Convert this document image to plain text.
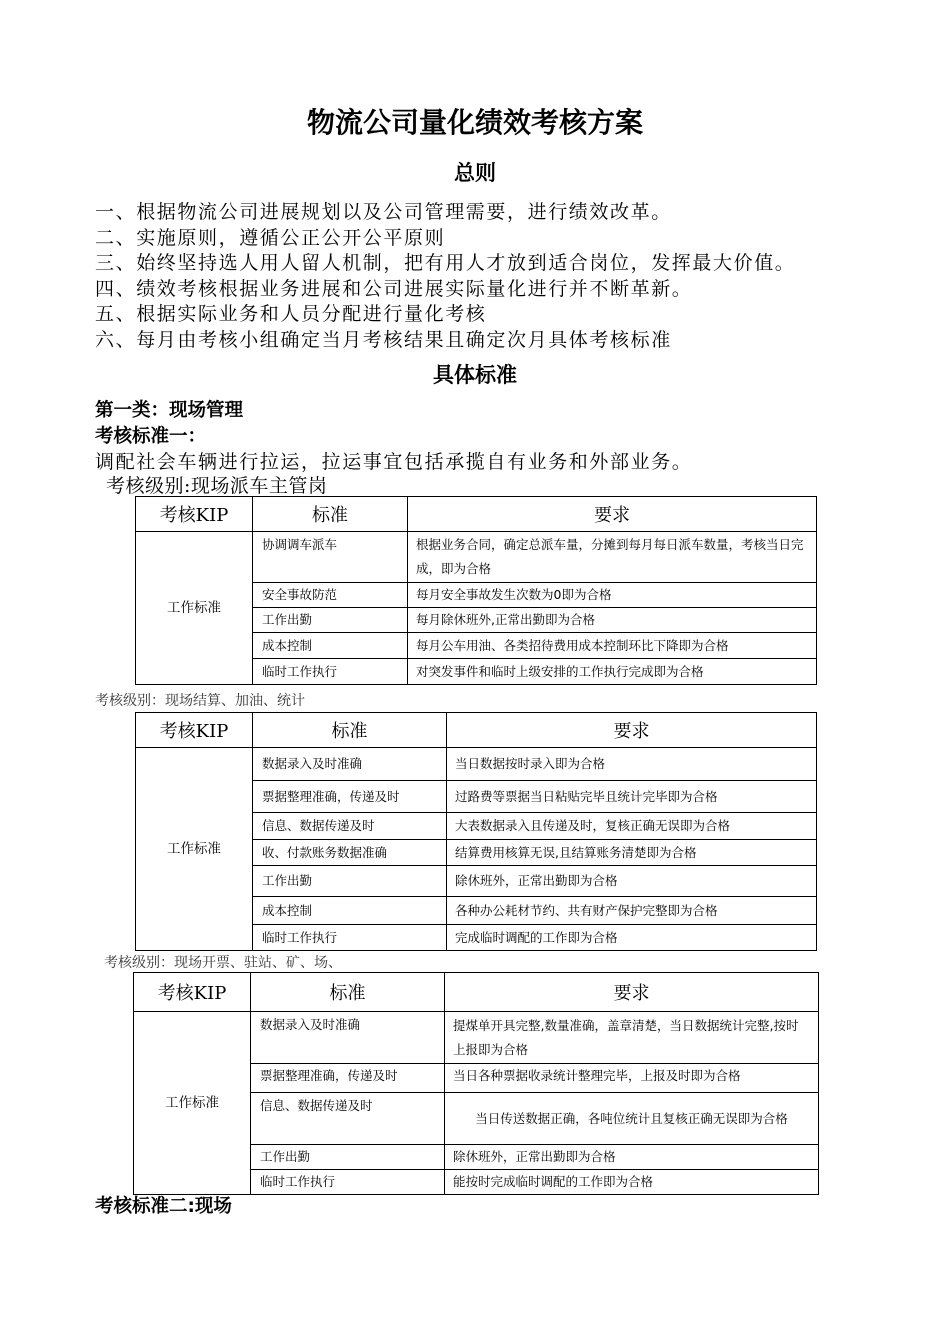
物流公司量化绩效考核方案
总则
一、根据物流公司进展规划以及公司管理需要，进行绩效改革。
二、实施原则，遵循公正公开公平原则
三、始终坚持选人用人留人机制，把有用人才放到适合岗位，发挥最大价值。
四、绩效考核根据业务进展和公司进展实际量化进行并不断革新。
五、根据实际业务和人员分配进行量化考核
六、每月由考核小组确定当月考核结果且确定次月具体考核标准
具体标准

第一类：现场管理

考核标准一：

调配社会车辆进行拉运，拉运事宜包括承揽自有业务和外部业务。

考核级别:现场派车主管岗

考核KIP	标准	要求
工作标准	协调调车派车	根据业务合同，确定总派车量，分摊到每月每日派车数量，考核当日完成，即为合格
	安全事故防范	每月安全事故发生次数为0即为合格
	工作出勤	每月除休班外,正常出勤即为合格
	成本控制	每月公车用油、各类招待费用成本控制环比下降即为合格
	临时工作执行	对突发事件和临时上级安排的工作执行完成即为合格

考核级别：现场结算、加油、统计

考核KIP	标准	要求
工作标准	数据录入及时准确	当日数据按时录入即为合格
	票据整理准确，传递及时	过路费等票据当日粘贴完毕且统计完毕即为合格
	信息、数据传递及时	大表数据录入且传递及时，复核正确无误即为合格
	收、付款账务数据准确	结算费用核算无误,且结算账务清楚即为合格
	工作出勤	除休班外，正常出勤即为合格
	成本控制	各种办公耗材节约、共有财产保护完整即为合格
	临时工作执行	完成临时调配的工作即为合格

考核级别：现场开票、驻站、矿、场、

考核KIP	标准	要求
工作标准	数据录入及时准确	提煤单开具完整,数量准确，盖章清楚，当日数据统计完整,按时上报即为合格
	票据整理准确，传递及时	当日各种票据收录统计整理完毕，上报及时即为合格
	信息、数据传递及时	当日传送数据正确，各吨位统计且复核正确无误即为合格
	工作出勤	除休班外，正常出勤即为合格
	临时工作执行	能按时完成临时调配的工作即为合格

考核标准二:现场
